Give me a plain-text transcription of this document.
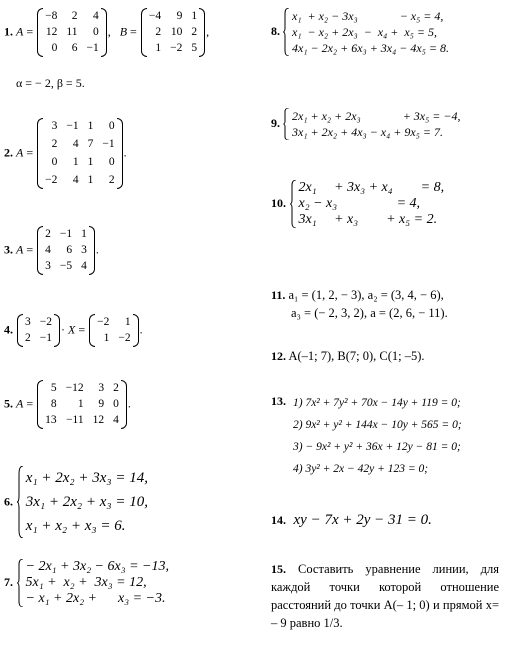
1. A =
−8	2	4
12 11	0
0	6 −1
,   B =
−4	9 1
2 10 2
1 −2 5
,
α = − 2, β = 5.
2. A =
3 −1 1	0
2	4 7 −1
0	1 1	0
−2	4 1	2
.
3. A =
2 −1 1
4	6 3
3 −5 4
.
4.
3 −2
2 −1
· X =
−2	1
1 −2
.
5. A =
5 −12	3 2
8	1	9 0
13 −11 12 4
.
6.
x₁ + 2x₂ + 3x₃ = 14,
3x₁ + 2x₂ + x₃ = 10,
x₁ + x₂ + x₃ = 6.
7.
− 2x₁ + 3x₂ − 6x₃ = −13,
5x₁ +  x₂ +  3x₃ = 12,
− x₁ + 2x₂ +      x₃ = −3.
8.
x₁  + x₂ − 3x₃              − x₅ = 4,
x₁  − x₂ + 2x₃  −  x₄ +  x₅ = 5,
4x₁ − 2x₂ + 6x₃ + 3x₄ − 4x₅ = 8.
9. 2x₁ + x₂ + 2x₃              + 3x₅ = −4,
3x₁ + 2x₂ + 4x₃ − x₄ + 9x₅ = 7.
10.
2x₁     + 3x₃ + x₄        = 8,
x₂ − x₃                 = 4,
3x₁     + x₃        + x₅ = 2.
11. a₁ = (1, 2, − 3), a₂ = (3, 4, − 6),
a₃ = (− 2, 3, 2), a = (2, 6, − 11).
12. A(–1; 7), B(7; 0), C(1; –5).
13. 1) 7x² + 7y² + 70x − 14y + 119 = 0;
2) 9x² + y² + 144x − 10y + 565 = 0;
3) − 9x² + y² + 36x + 12y − 81 = 0;
4) 3y² + 2x − 42y + 123 = 0;
14. xy − 7x + 2y − 31 = 0.
15. Составить уравнение линии, для каждой точки которой отношение расстояний до точки A(– 1; 0) и прямой x= – 9 равно 1/3.
